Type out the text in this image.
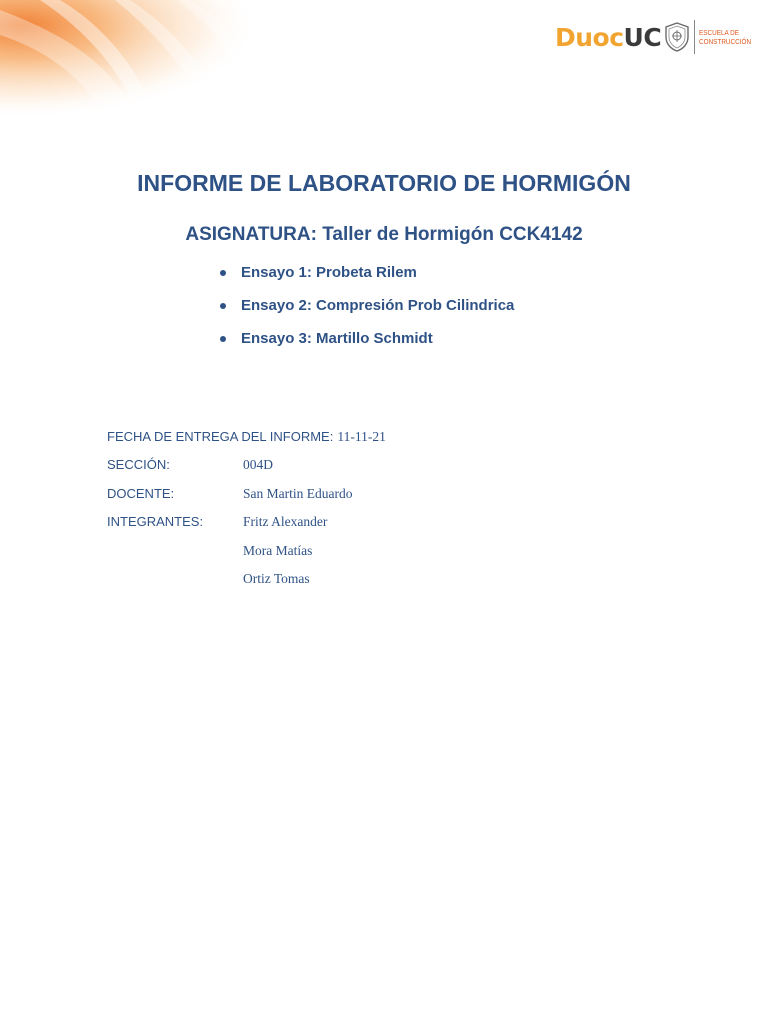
Duoc UC	ESCUELA DE
CONSTRUCCIÓN
INFORME DE LABORATORIO DE HORMIGÓN
ASIGNATURA: Taller de Hormigón CCK4142
Ensayo 1: Probeta Rilem
Ensayo 2: Compresión Prob Cilindrica
Ensayo 3: Martillo Schmidt
FECHA DE ENTREGA DEL INFORME: 11-11-21
SECCIÓN:	004D
DOCENTE:	San Martin Eduardo
INTEGRANTES:	Fritz Alexander
Mora Matías
Ortiz Tomas
